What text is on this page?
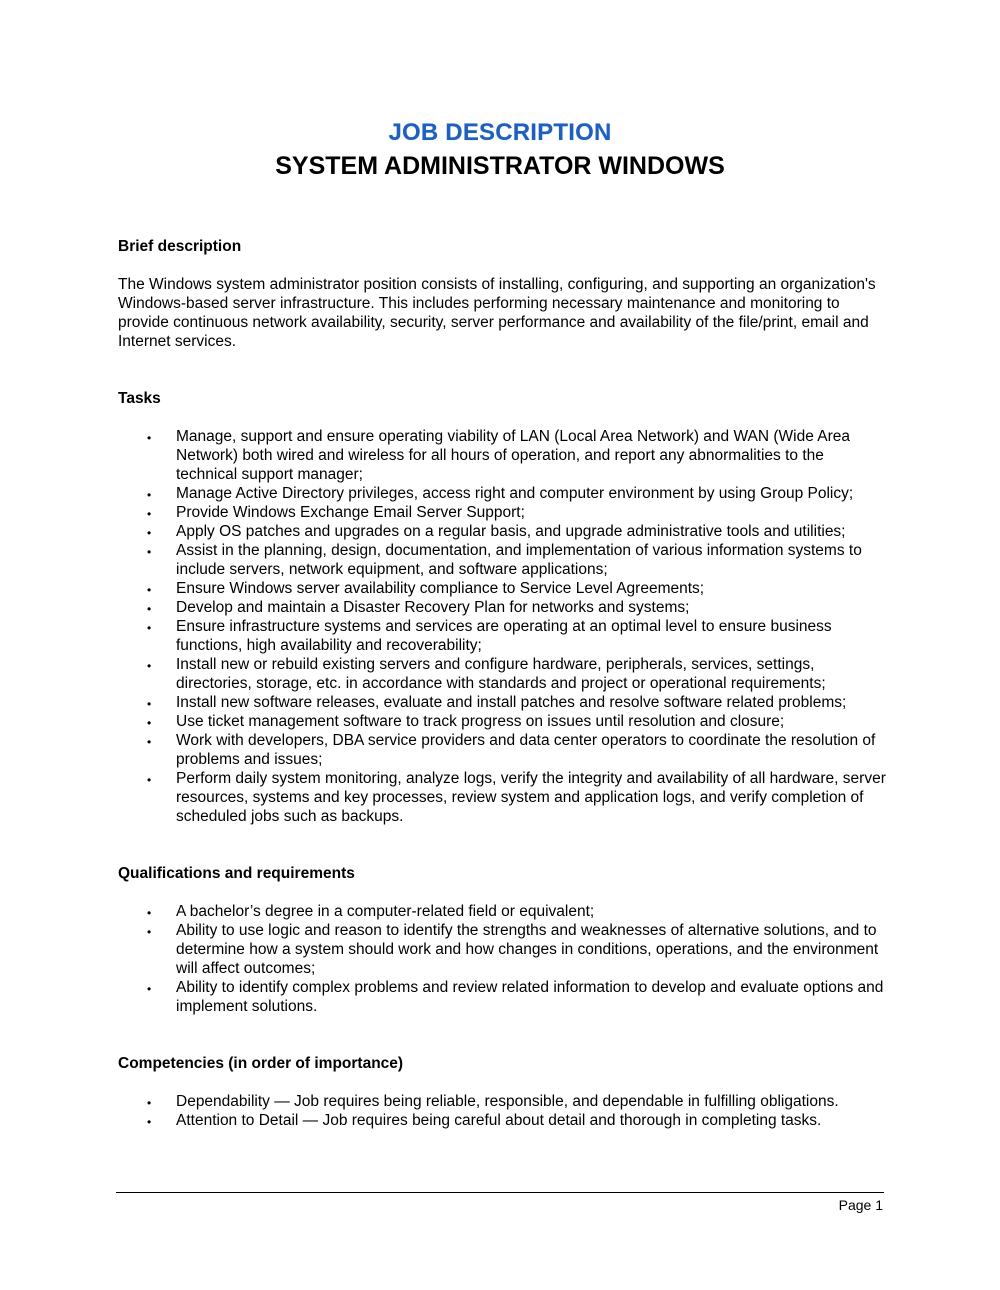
JOB DESCRIPTION
SYSTEM ADMINISTRATOR WINDOWS
Brief description

The Windows system administrator position consists of installing, configuring, and supporting an organization's Windows-based server infrastructure. This includes performing necessary maintenance and monitoring to provide continuous network availability, security, server performance and availability of the file/print, email and Internet services.

Tasks
• Manage, support and ensure operating viability of LAN (Local Area Network) and WAN (Wide Area Network) both wired and wireless for all hours of operation, and report any abnormalities to the technical support manager;
• Manage Active Directory privileges, access right and computer environment by using Group Policy;
• Provide Windows Exchange Email Server Support;
• Apply OS patches and upgrades on a regular basis, and upgrade administrative tools and utilities;
• Assist in the planning, design, documentation, and implementation of various information systems to include servers, network equipment, and software applications;
• Ensure Windows server availability compliance to Service Level Agreements;
• Develop and maintain a Disaster Recovery Plan for networks and systems;
• Ensure infrastructure systems and services are operating at an optimal level to ensure business functions, high availability and recoverability;
• Install new or rebuild existing servers and configure hardware, peripherals, services, settings, directories, storage, etc. in accordance with standards and project or operational requirements;
• Install new software releases, evaluate and install patches and resolve software related problems;
• Use ticket management software to track progress on issues until resolution and closure;
• Work with developers, DBA service providers and data center operators to coordinate the resolution of problems and issues;
• Perform daily system monitoring, analyze logs, verify the integrity and availability of all hardware, server resources, systems and key processes, review system and application logs, and verify completion of scheduled jobs such as backups.
Qualifications and requirements
• A bachelor’s degree in a computer-related field or equivalent;
• Ability to use logic and reason to identify the strengths and weaknesses of alternative solutions, and to determine how a system should work and how changes in conditions, operations, and the environment will affect outcomes;
• Ability to identify complex problems and review related information to develop and evaluate options and implement solutions.
Competencies (in order of importance)
• Dependability — Job requires being reliable, responsible, and dependable in fulfilling obligations.
• Attention to Detail — Job requires being careful about detail and thorough in completing tasks.
Page 1
